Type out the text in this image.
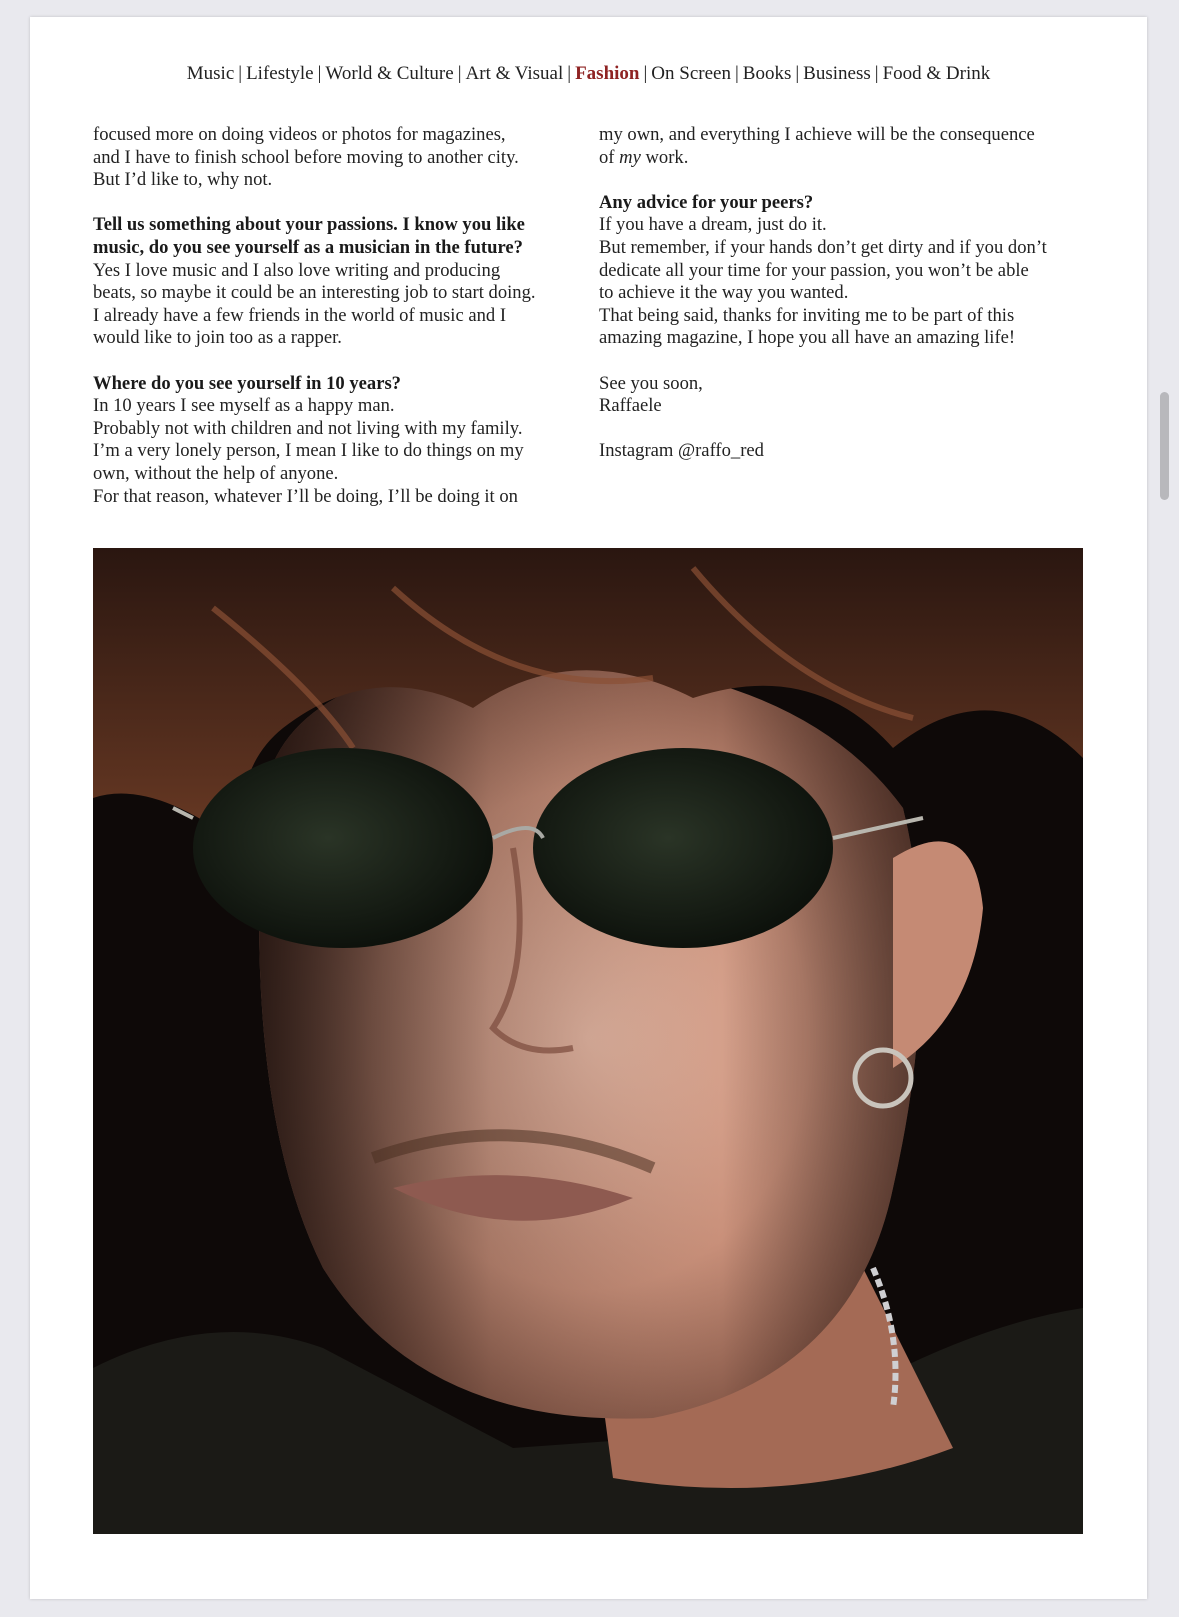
Music | Lifestyle | World & Culture | Art & Visual | Fashion | On Screen | Books | Business | Food & Drink
focused more on doing videos or photos for magazines,
and I have to finish school before moving to another city.
But I’d like to, why not.
Tell us something about your passions. I know you like
music, do you see yourself as a musician in the future?
Yes I love music and I also love writing and producing
beats, so maybe it could be an interesting job to start doing.
I already have a few friends in the world of music and I
would like to join too as a rapper.
Where do you see yourself in 10 years?
In 10 years I see myself as a happy man.
Probably not with children and not living with my family.
I’m a very lonely person, I mean I like to do things on my
own, without the help of anyone.
For that reason, whatever I’ll be doing, I’ll be doing it on
my own, and everything I achieve will be the consequence
of my work.
Any advice for your peers?
If you have a dream, just do it.
But remember, if your hands don’t get dirty and if you don’t
dedicate all your time for your passion, you won’t be able
to achieve it the way you wanted.
That being said, thanks for inviting me to be part of this
amazing magazine, I hope you all have an amazing life!
See you soon,
Raffaele
Instagram @raffo_red
